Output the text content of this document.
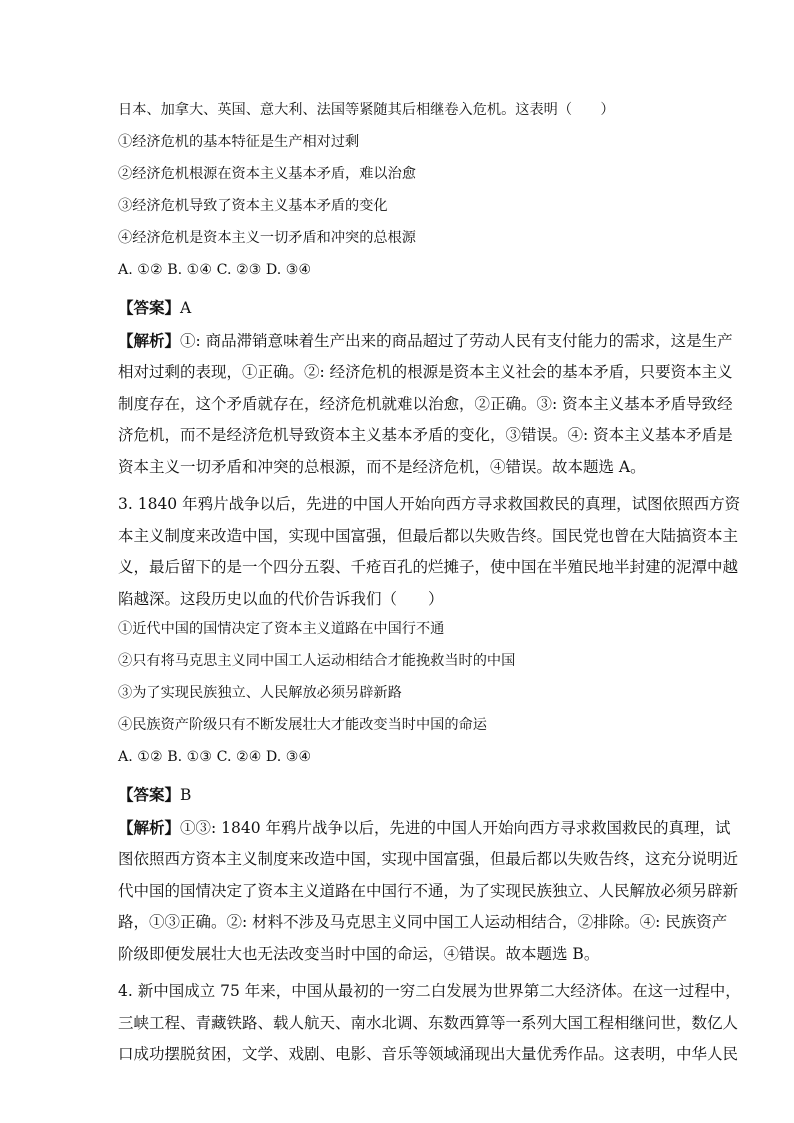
日本、加拿大、英国、意大利、法国等紧随其后相继卷入危机。这表明（　　）
①经济危机的基本特征是生产相对过剩
②经济危机根源在资本主义基本矛盾，难以治愈
③经济危机导致了资本主义基本矛盾的变化
④经济危机是资本主义一切矛盾和冲突的总根源
A. ①② B. ①④ C. ②③ D. ③④
【答案】A
【解析】①: 商品滞销意味着生产出来的商品超过了劳动人民有支付能力的需求，这是生产
相对过剩的表现，①正确。②: 经济危机的根源是资本主义社会的基本矛盾，只要资本主义
制度存在，这个矛盾就存在，经济危机就难以治愈，②正确。③: 资本主义基本矛盾导致经
济危机，而不是经济危机导致资本主义基本矛盾的变化，③错误。④: 资本主义基本矛盾是
资本主义一切矛盾和冲突的总根源，而不是经济危机，④错误。故本题选 A。
3. 1840 年鸦片战争以后，先进的中国人开始向西方寻求救国救民的真理，试图依照西方资
本主义制度来改造中国，实现中国富强，但最后都以失败告终。国民党也曾在大陆搞资本主
义，最后留下的是一个四分五裂、千疮百孔的烂摊子，使中国在半殖民地半封建的泥潭中越
陷越深。这段历史以血的代价告诉我们（　　）
①近代中国的国情决定了资本主义道路在中国行不通
②只有将马克思主义同中国工人运动相结合才能挽救当时的中国
③为了实现民族独立、人民解放必须另辟新路
④民族资产阶级只有不断发展壮大才能改变当时中国的命运
A. ①② B. ①③ C. ②④ D. ③④
【答案】B
【解析】①③: 1840 年鸦片战争以后，先进的中国人开始向西方寻求救国救民的真理，试
图依照西方资本主义制度来改造中国，实现中国富强，但最后都以失败告终，这充分说明近
代中国的国情决定了资本主义道路在中国行不通，为了实现民族独立、人民解放必须另辟新
路，①③正确。②: 材料不涉及马克思主义同中国工人运动相结合，②排除。④: 民族资产
阶级即便发展壮大也无法改变当时中国的命运，④错误。故本题选 B。
4. 新中国成立 75 年来，中国从最初的一穷二白发展为世界第二大经济体。在这一过程中，
三峡工程、青藏铁路、载人航天、南水北调、东数西算等一系列大国工程相继问世，数亿人
口成功摆脱贫困，文学、戏剧、电影、音乐等领域涌现出大量优秀作品。这表明，中华人民
